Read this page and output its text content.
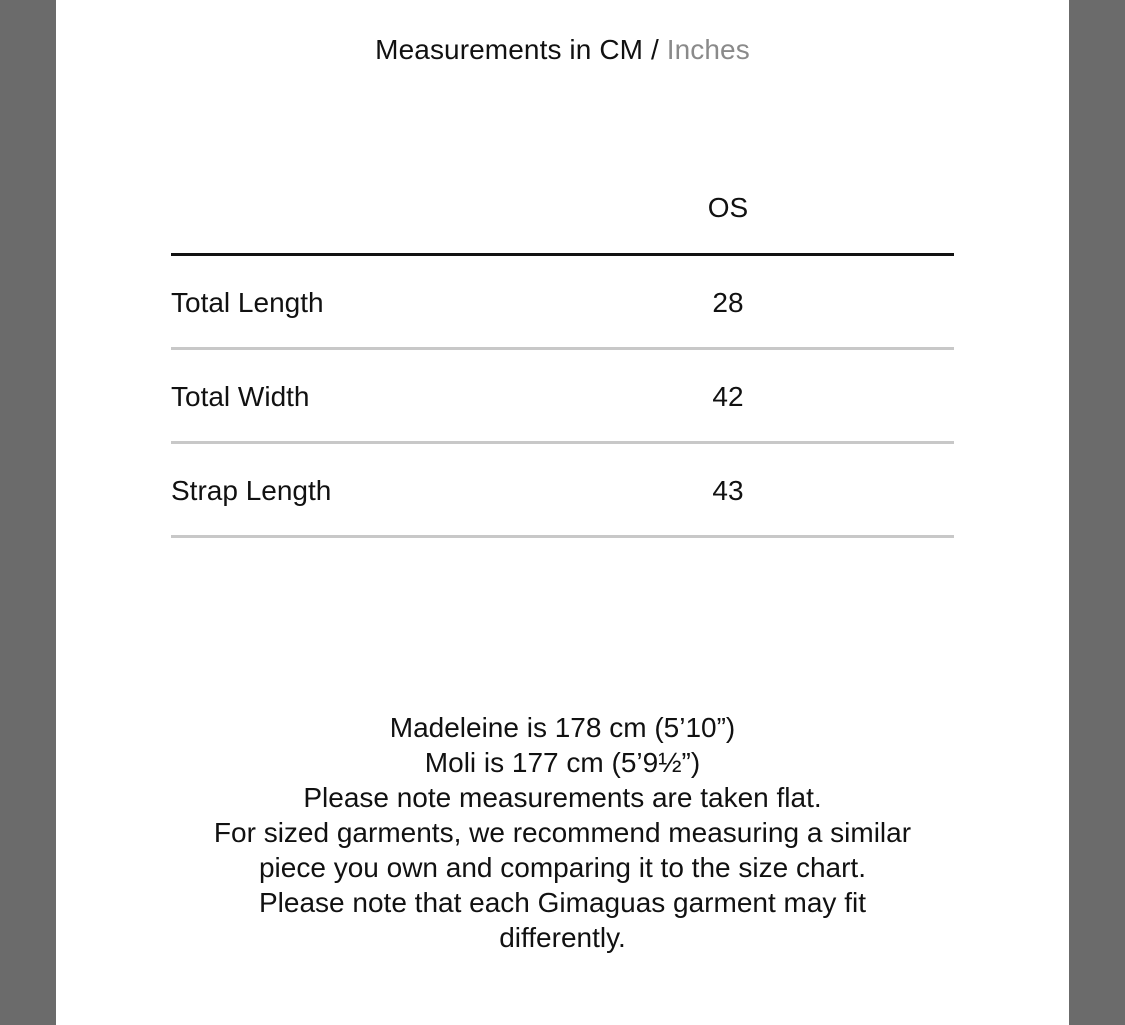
Measurements in CM / Inches
OS
Total Length	28
Total Width	42
Strap Length	43
Madeleine is 178 cm (5’10”)
Moli is 177 cm (5’9½”)
Please note measurements are taken flat.
For sized garments, we recommend measuring a similar
piece you own and comparing it to the size chart.
Please note that each Gimaguas garment may fit
differently.
